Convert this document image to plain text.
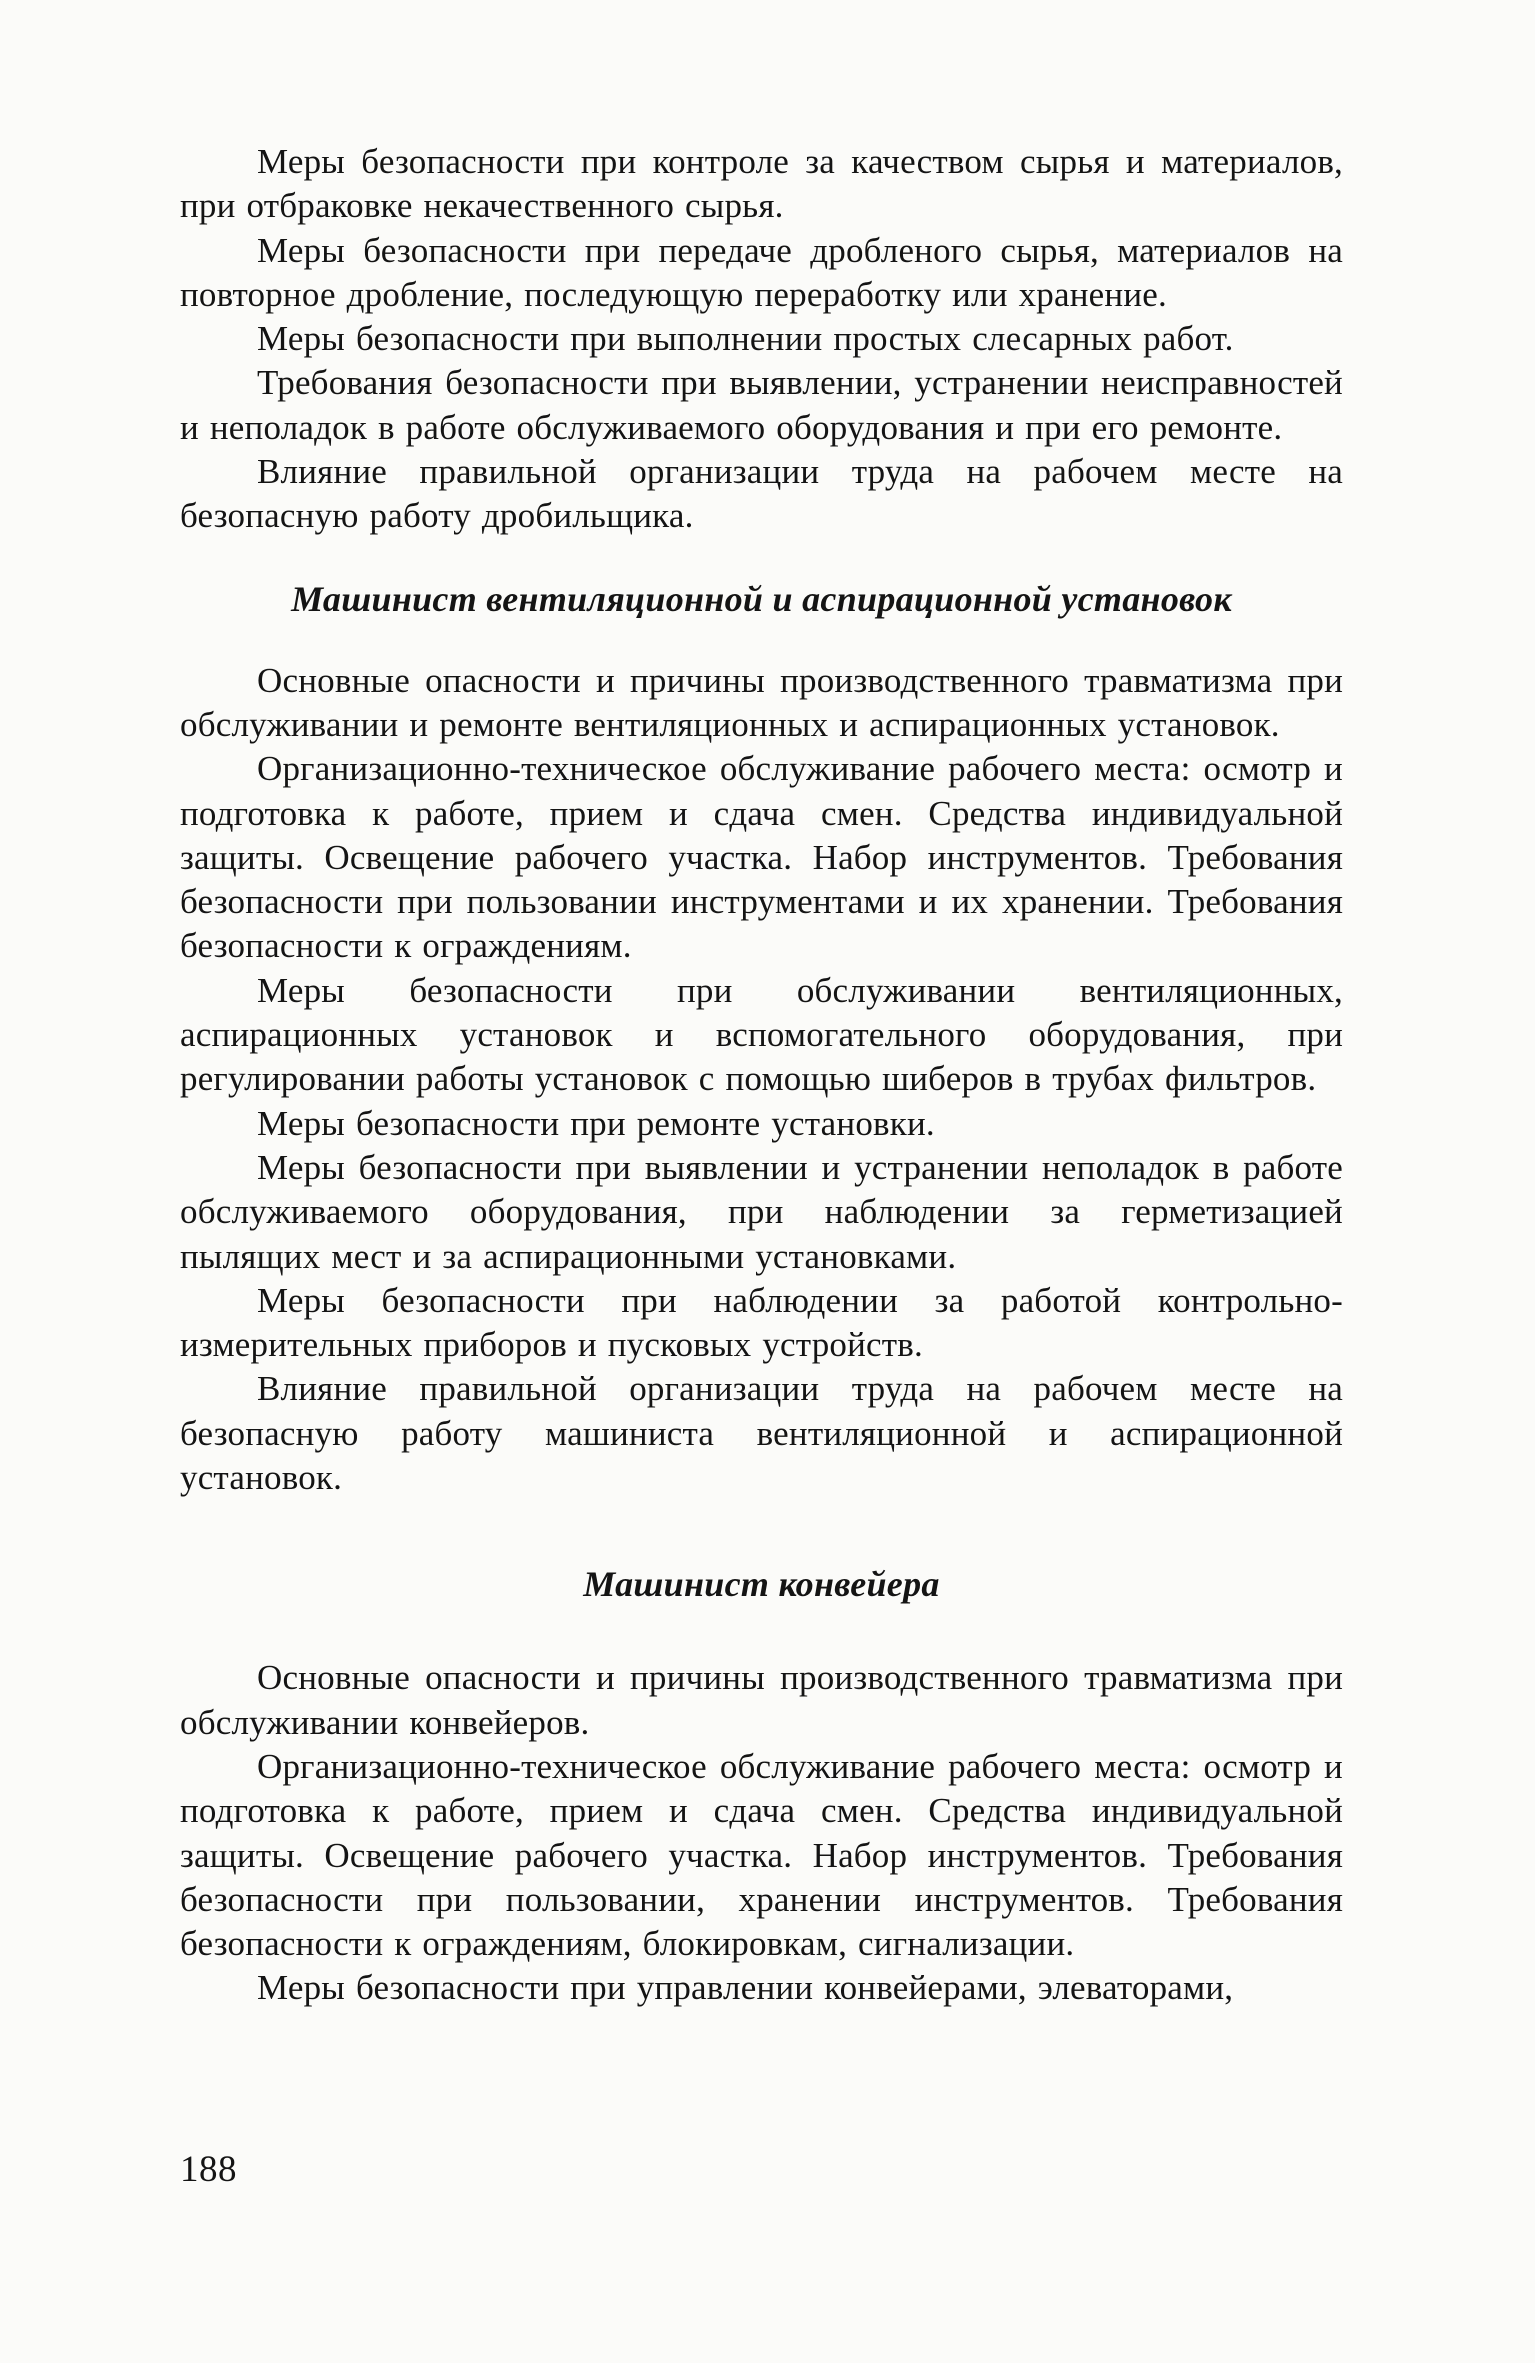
Меры безопасности при контроле за качеством сырья и материалов, при отбраковке некачественного сырья.

Меры безопасности при передаче дробленого сырья, материалов на повторное дробление, последующую переработку или хранение.

Меры безопасности при выполнении простых слесарных работ.

Требования безопасности при выявлении, устранении неисправностей и неполадок в работе обслуживаемого оборудования и при его ремонте.

Влияние правильной организации труда на рабочем месте на безопасную работу дробильщика.

Машинист вентиляционной и аспирационной установок

Основные опасности и причины производственного травматизма при обслуживании и ремонте вентиляционных и аспирационных установок.

Организационно-техническое обслуживание рабочего места: осмотр и подготовка к работе, прием и сдача смен. Средства индивидуальной защиты. Освещение рабочего участка. Набор инструментов. Требования безопасности при пользовании инструментами и их хранении. Требования безопасности к ограждениям.

Меры безопасности при обслуживании вентиляционных, аспирационных установок и вспомогательного оборудования, при регулировании работы установок с помощью шиберов в трубах фильтров.

Меры безопасности при ремонте установки.

Меры безопасности при выявлении и устранении неполадок в работе обслуживаемого оборудования, при наблюдении за герметизацией пылящих мест и за аспирационными установками.

Меры безопасности при наблюдении за работой контрольно-измерительных приборов и пусковых устройств.

Влияние правильной организации труда на рабочем месте на безопасную работу машиниста вентиляционной и аспирационной установок.

Машинист конвейера

Основные опасности и причины производственного травматизма при обслуживании конвейеров.

Организационно-техническое обслуживание рабочего места: осмотр и подготовка к работе, прием и сдача смен. Средства индивидуальной защиты. Освещение рабочего участка. Набор инструментов. Требования безопасности при пользовании, хранении инструментов. Требования безопасности к ограждениям, блокировкам, сигнализации.

Меры безопасности при управлении конвейерами, элеваторами,

188
